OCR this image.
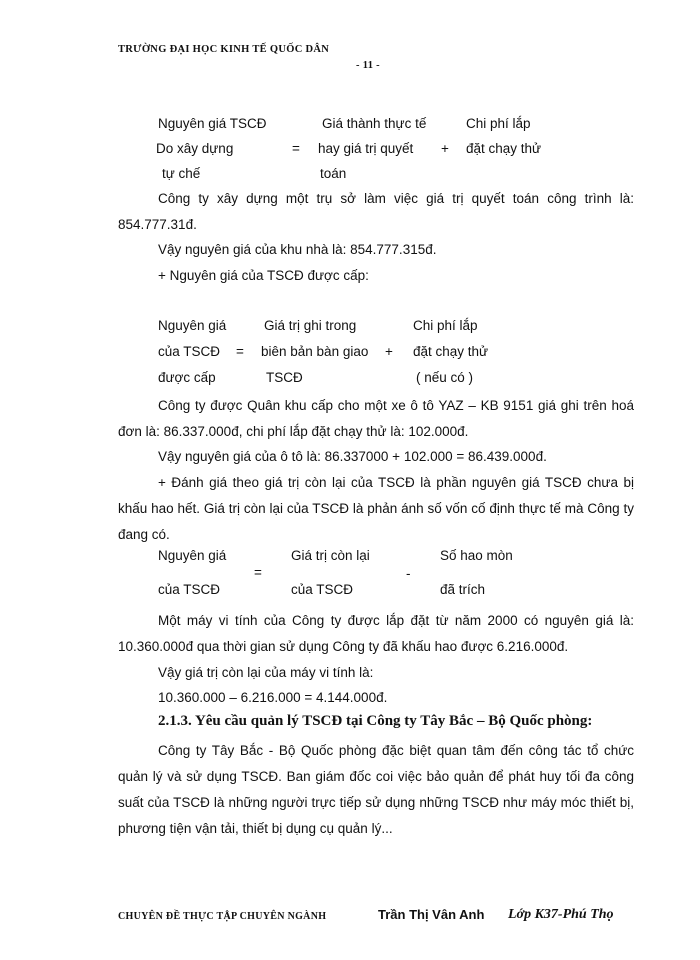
TRƯỜNG ĐẠI HỌC KINH TẾ QUỐC DÂN
- 11 -
Nguyên giá TSCĐ
Do xây dựng
tự chế
=
Giá thành thực tế
hay giá trị quyết
toán
+
Chi phí lắp
đặt chạy thử
Công ty xây dựng một trụ sở làm việc giá trị quyết toán công trình là: 854.777.31đ.
Vậy nguyên giá của khu nhà là: 854.777.315đ.
+ Nguyên giá của TSCĐ được cấp:
Nguyên giá
của TSCĐ
được cấp
=
Giá trị ghi trong
biên bản bàn giao
TSCĐ
+
Chi phí lắp
đặt chạy thử
( nếu có )
Công ty được Quân khu cấp cho một xe ô tô YAZ – KB 9151 giá ghi trên hoá đơn là: 86.337.000đ, chi phí lắp đặt chạy thử là: 102.000đ.
Vậy nguyên giá của ô tô là: 86.337000 + 102.000 = 86.439.000đ.
+ Đánh giá theo giá trị còn lại của TSCĐ là phần nguyên giá TSCĐ chưa bị khấu hao hết. Giá trị còn lại của TSCĐ là phản ánh số vốn cố định thực tế mà Công ty đang có.
Nguyên giá
của TSCĐ
=
Giá trị còn lại
của TSCĐ
-
Số hao mòn
đã trích
Một máy vi tính của Công ty được lắp đặt từ năm 2000 có nguyên giá là: 10.360.000đ qua thời gian sử dụng Công ty đã khấu hao được 6.216.000đ.
Vậy giá trị còn lại của máy vi tính là:
10.360.000 – 6.216.000 = 4.144.000đ.
2.1.3. Yêu cầu quản lý TSCĐ tại Công ty Tây Bắc – Bộ Quốc phòng:
Công ty Tây Bắc - Bộ Quốc phòng đặc biệt quan tâm đến công tác tổ chức quản lý và sử dụng TSCĐ. Ban giám đốc coi việc bảo quản để phát huy tối đa công suất của TSCĐ là những người trực tiếp sử dụng những TSCĐ như máy móc thiết bị, phương tiện vận tải, thiết bị dụng cụ quản lý...
CHUYÊN ĐỀ THỰC TẬP CHUYÊN NGÀNH	Trần Thị Vân Anh Lớp K37-Phú Thọ
